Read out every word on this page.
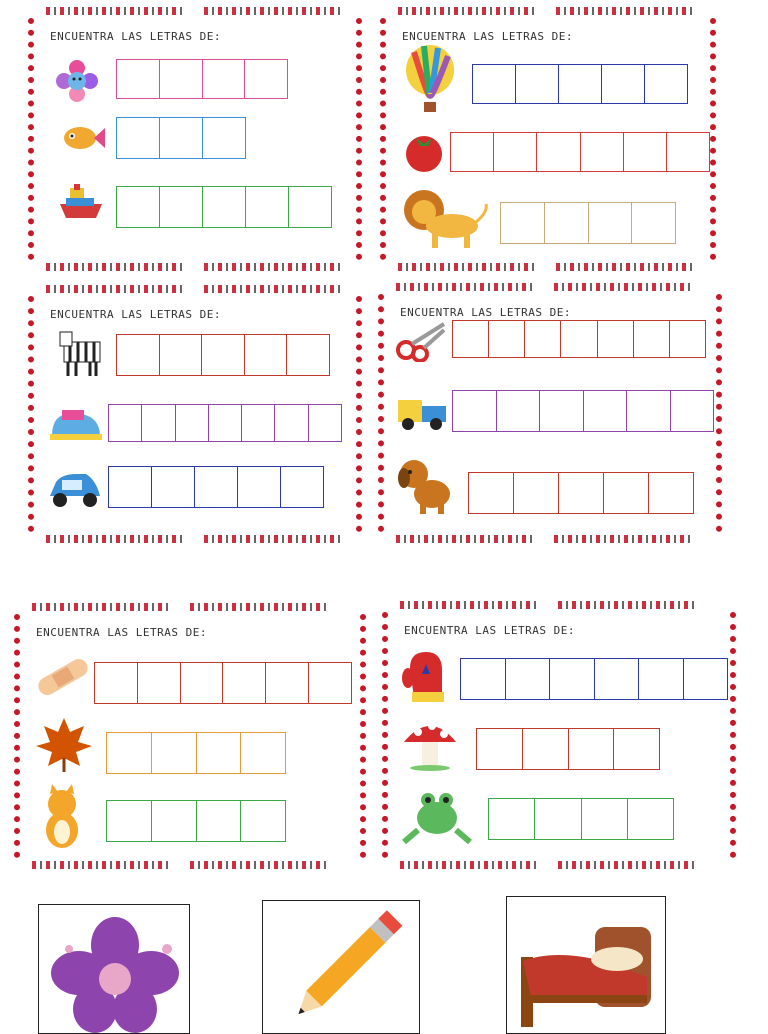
ENCUENTRA LAS LETRAS DE:	ENCUENTRA LAS LETRAS DE:
ENCUENTRA LAS LETRAS DE:	ENCUENTRA LAS LETRAS DE:
ENCUENTRA LAS LETRAS DE:	ENCUENTRA LAS LETRAS DE:
